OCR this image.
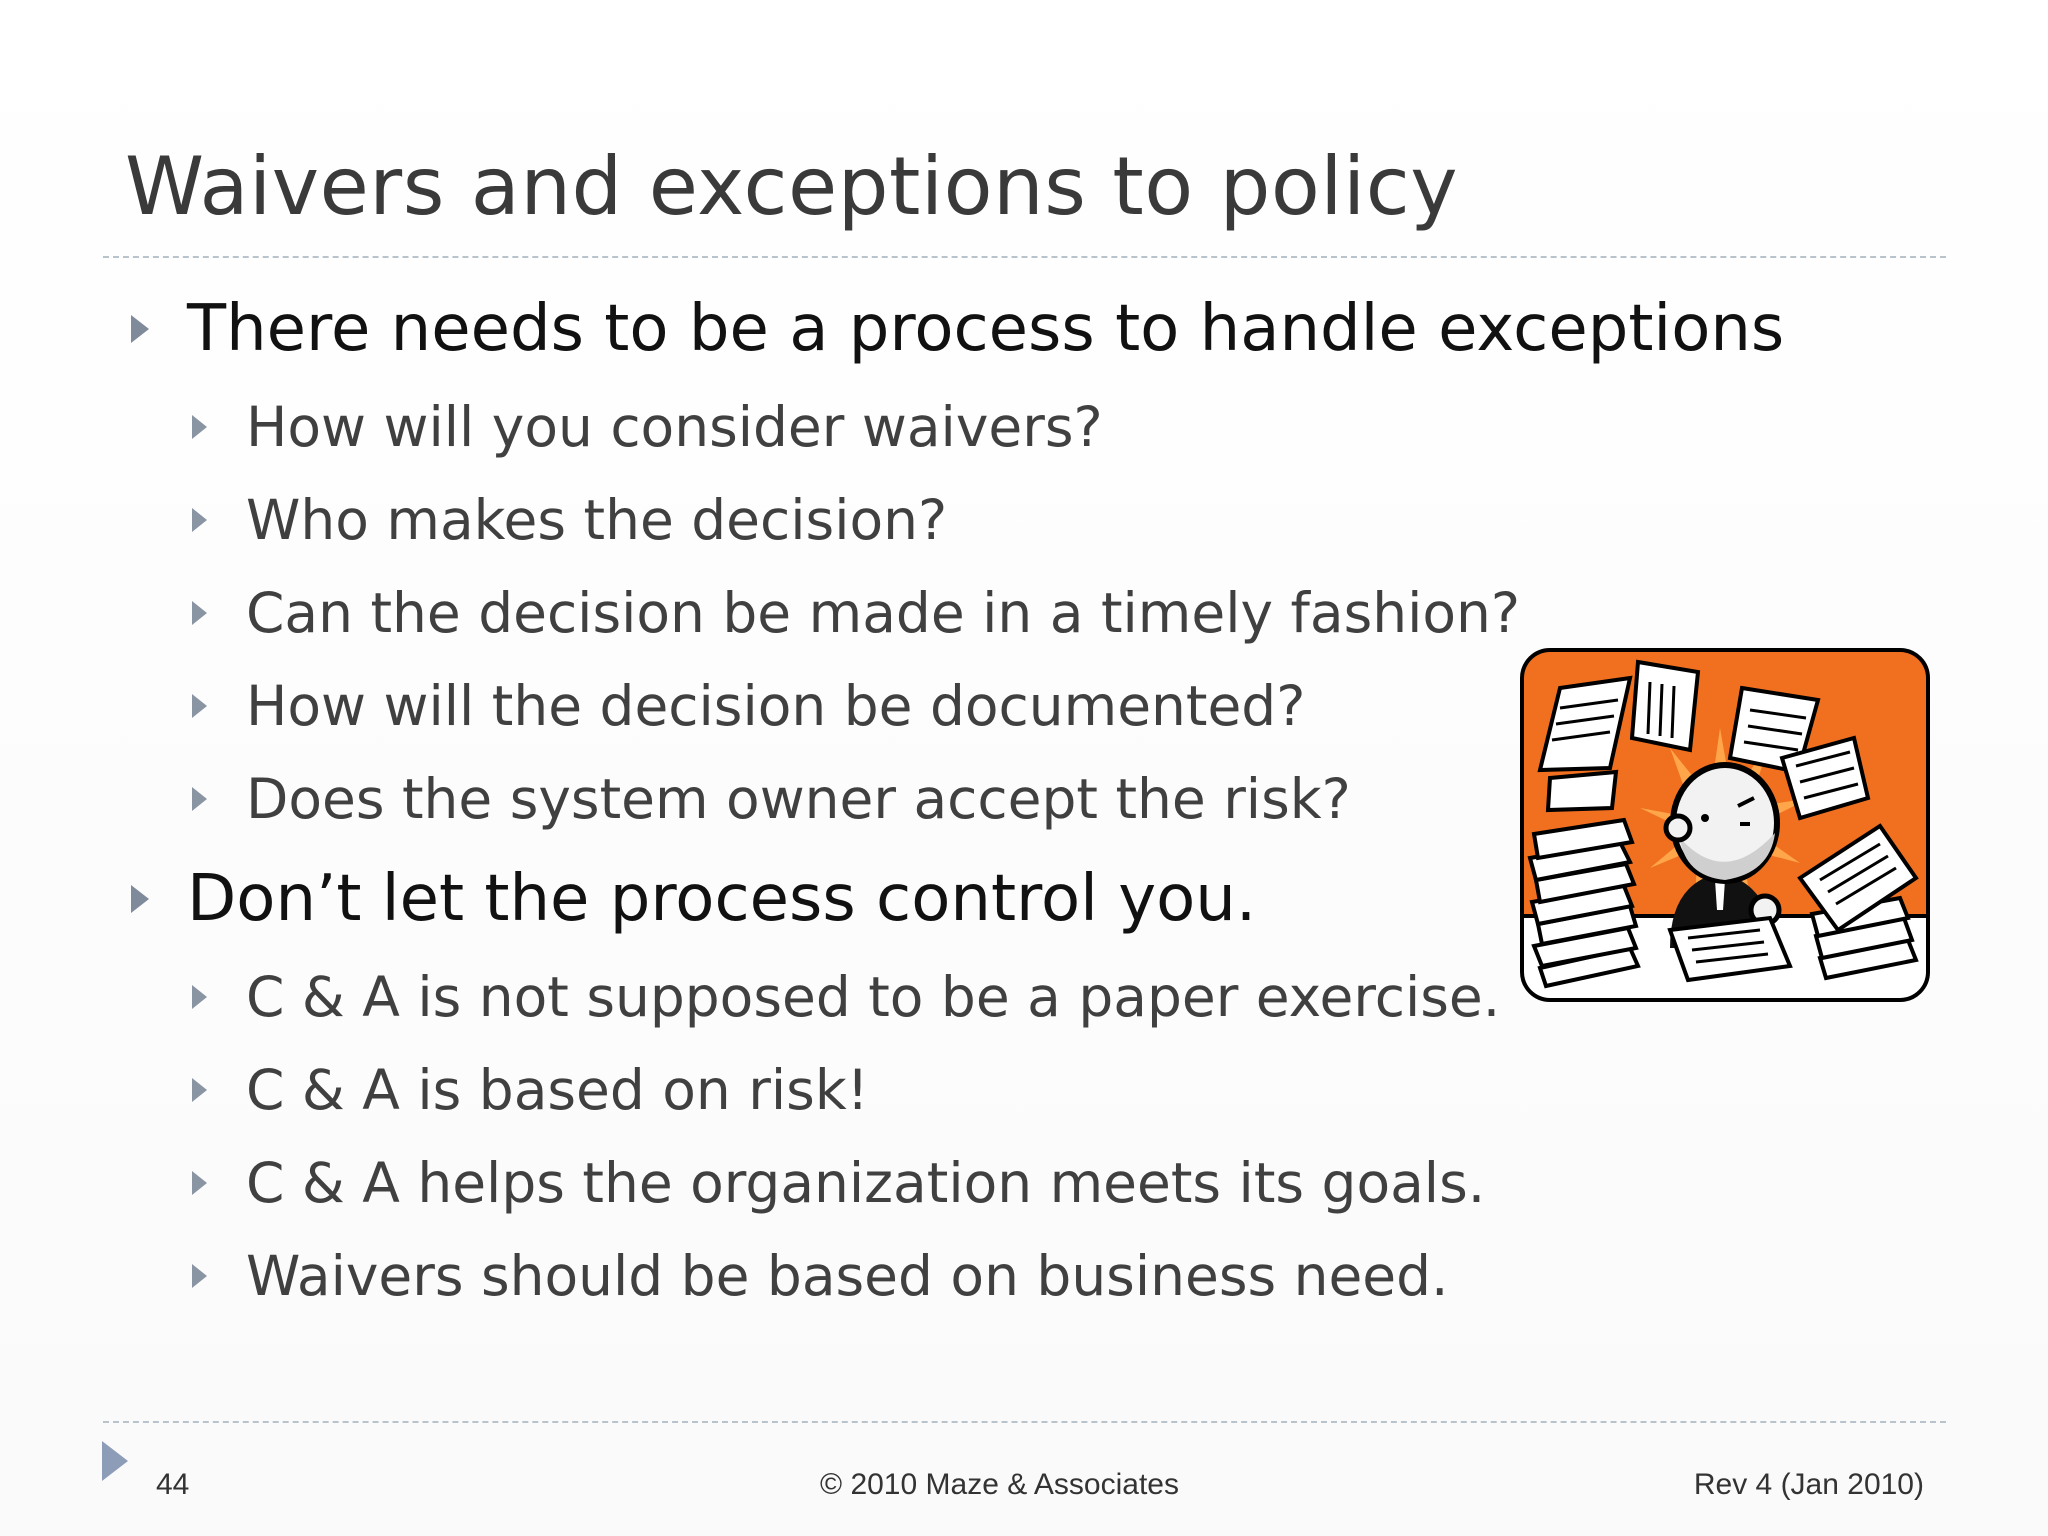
Waivers and exceptions to policy
There needs to be a process to handle exceptions
How will you consider waivers?
Who makes the decision?
Can the decision be made in a timely fashion?
How will the decision be documented?
Does the system owner accept the risk?
Don’t let the process control you.
C & A is not supposed to be a paper exercise.
C & A is based on risk!
C & A helps the organization meets its goals.
Waivers should be based on business need.
44	© 2010 Maze & Associates	Rev 4 (Jan 2010)
